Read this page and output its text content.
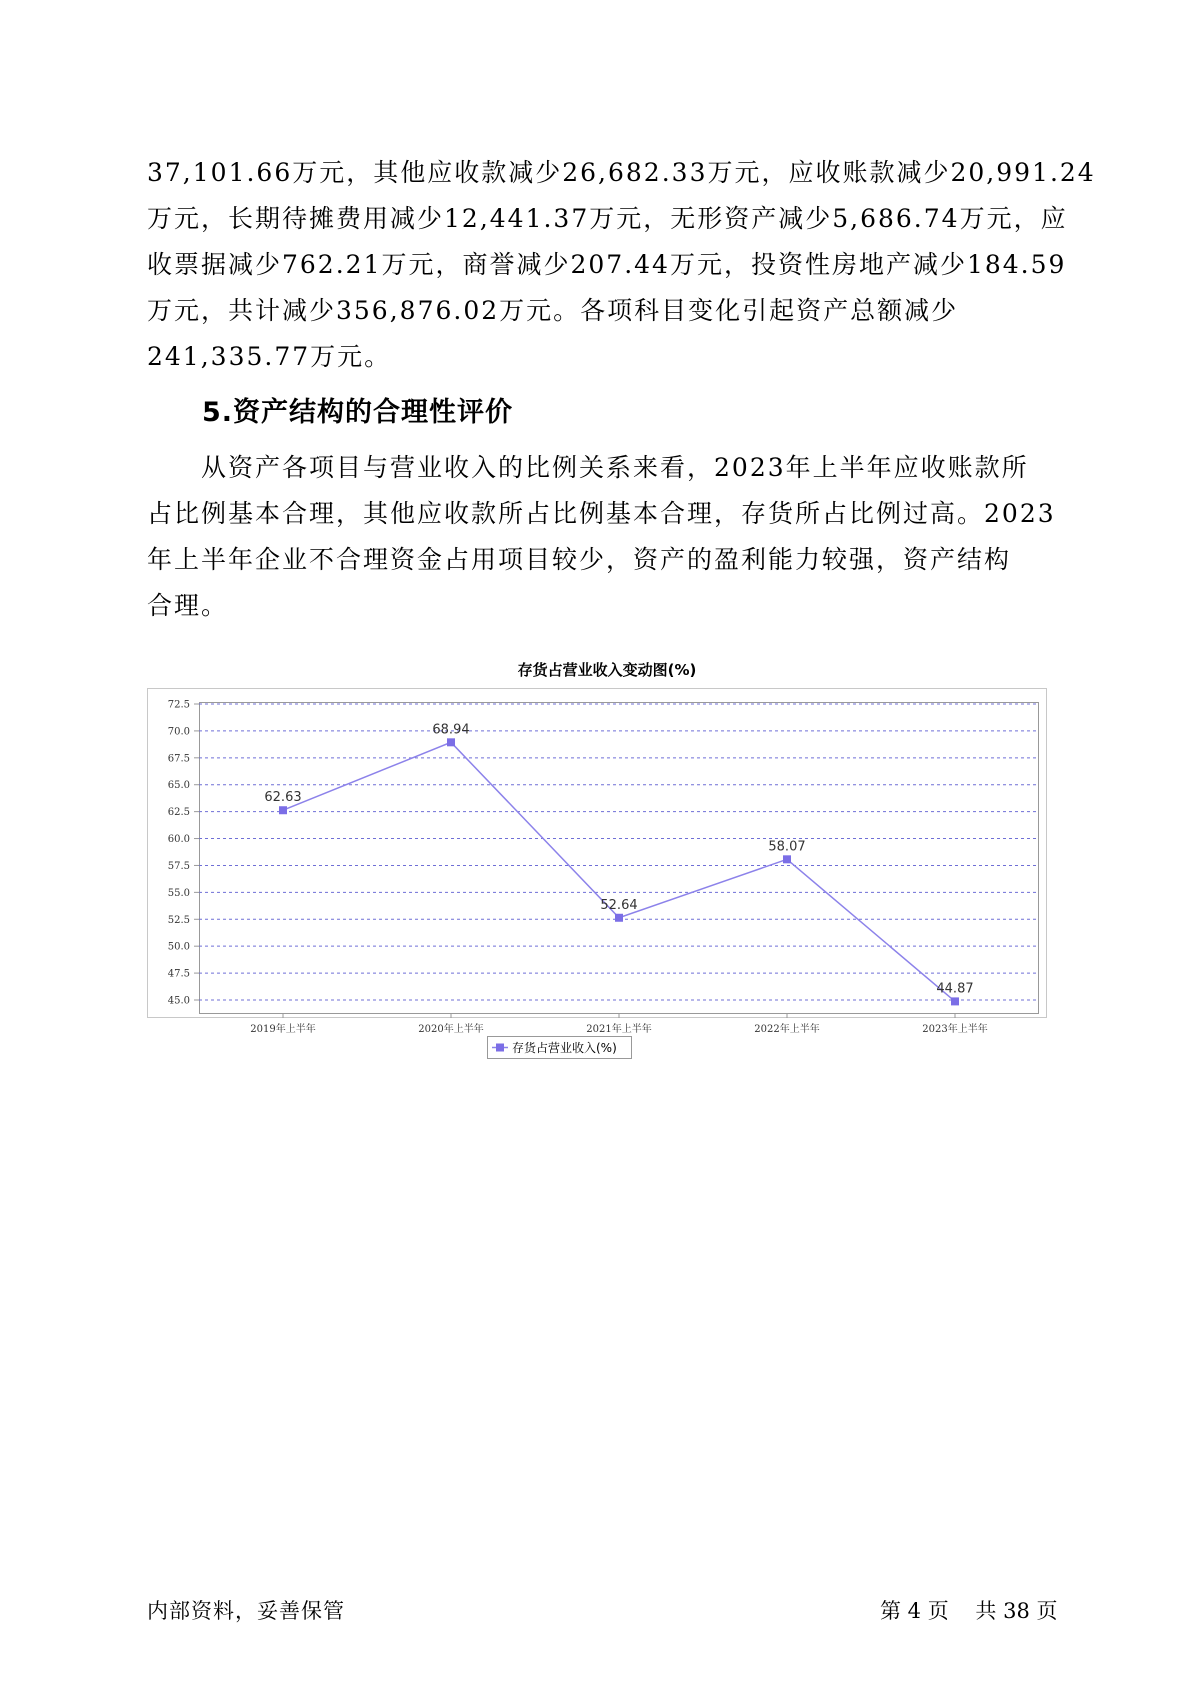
37,101.66万元，其他应收款减少26,682.33万元，应收账款减少20,991.24
万元，长期待摊费用减少12,441.37万元，无形资产减少5,686.74万元，应
收票据减少762.21万元，商誉减少207.44万元，投资性房地产减少184.59
万元，共计减少356,876.02万元。各项科目变化引起资产总额减少
241,335.77万元。

5.资产结构的合理性评价

　　从资产各项目与营业收入的比例关系来看，2023年上半年应收账款所
占比例基本合理，其他应收款所占比例基本合理，存货所占比例过高。2023
年上半年企业不合理资金占用项目较少，资产的盈利能力较强，资产结构
合理。

存货占营业收入变动图(%)
72.5
70.0
67.5
65.0
62.5
60.0
57.5
55.0
52.5
50.0
47.5
45.0
2019年上半年	2020年上半年	2021年上半年	2022年上半年	2023年上半年
62.63
68.94
52.64
58.07
44.87
存货占营业收入(%)
内部资料，妥善保管	第 4 页    共 38 页
